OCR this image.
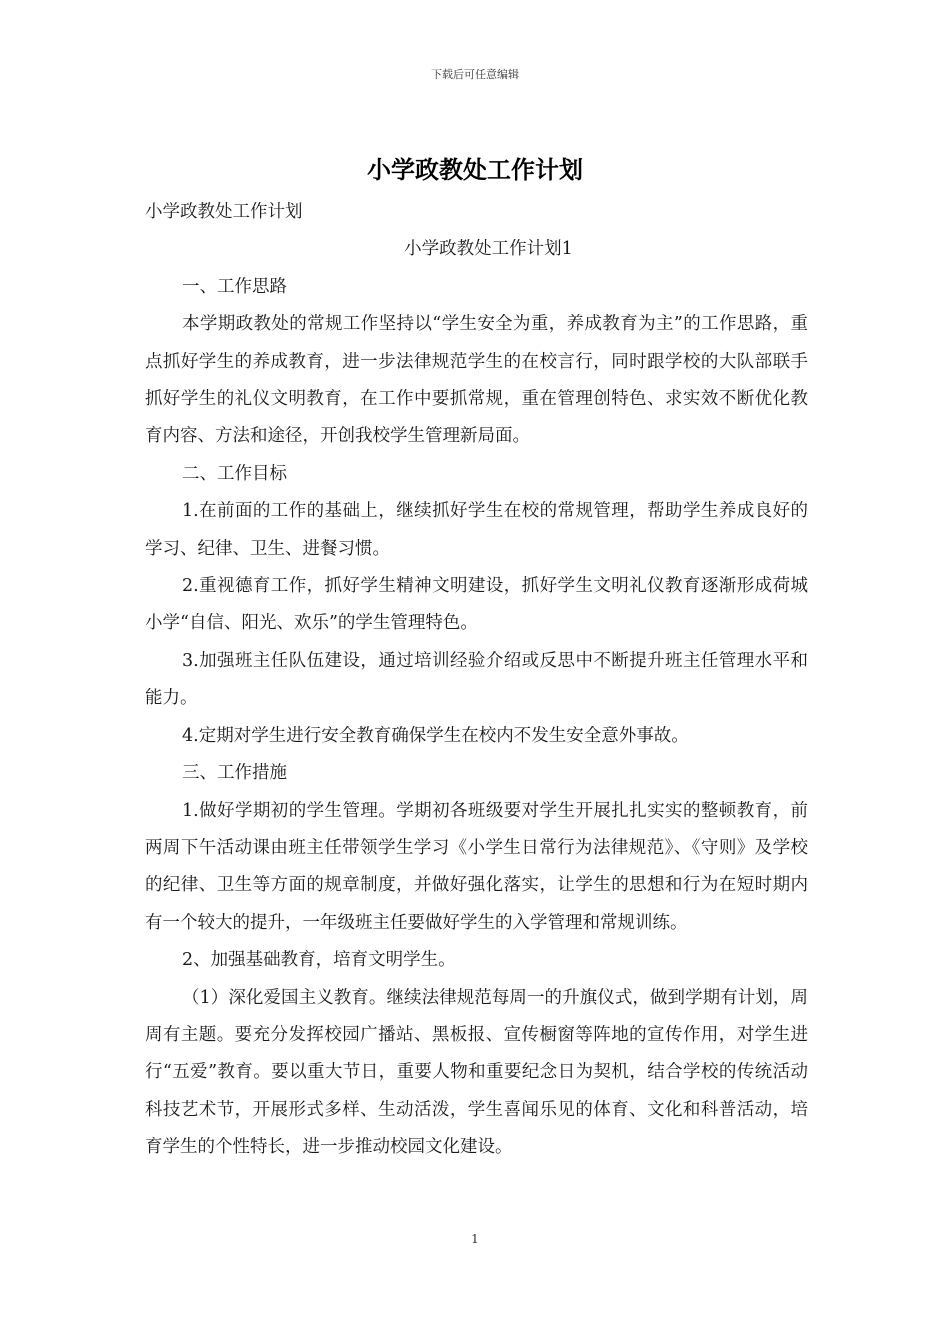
下载后可任意编辑
小学政教处工作计划

小学政教处工作计划

小学政教处工作计划1

一、工作思路

本学期政教处的常规工作坚持以“学生安全为重，养成教育为主”的工作思路，重点抓好学生的养成教育，进一步法律规范学生的在校言行，同时跟学校的大队部联手抓好学生的礼仪文明教育，在工作中要抓常规，重在管理创特色、求实效不断优化教育内容、方法和途径，开创我校学生管理新局面。

二、工作目标

1.在前面的工作的基础上，继续抓好学生在校的常规管理，帮助学生养成良好的学习、纪律、卫生、进餐习惯。

2.重视德育工作，抓好学生精神文明建设，抓好学生文明礼仪教育逐渐形成荷城小学“自信、阳光、欢乐”的学生管理特色。

3.加强班主任队伍建设，通过培训经验介绍或反思中不断提升班主任管理水平和能力。

4.定期对学生进行安全教育确保学生在校内不发生安全意外事故。

三、工作措施

1.做好学期初的学生管理。学期初各班级要对学生开展扎扎实实的整顿教育，前两周下午活动课由班主任带领学生学习《小学生日常行为法律规范》、《守则》及学校的纪律、卫生等方面的规章制度，并做好强化落实，让学生的思想和行为在短时期内有一个较大的提升，一年级班主任要做好学生的入学管理和常规训练。

2、加强基础教育，培育文明学生。

（1）深化爱国主义教育。继续法律规范每周一的升旗仪式，做到学期有计划，周周有主题。要充分发挥校园广播站、黑板报、宣传橱窗等阵地的宣传作用，对学生进行“五爱”教育。要以重大节日，重要人物和重要纪念日为契机，结合学校的传统活动科技艺术节，开展形式多样、生动活泼，学生喜闻乐见的体育、文化和科普活动，培育学生的个性特长，进一步推动校园文化建设。

1
